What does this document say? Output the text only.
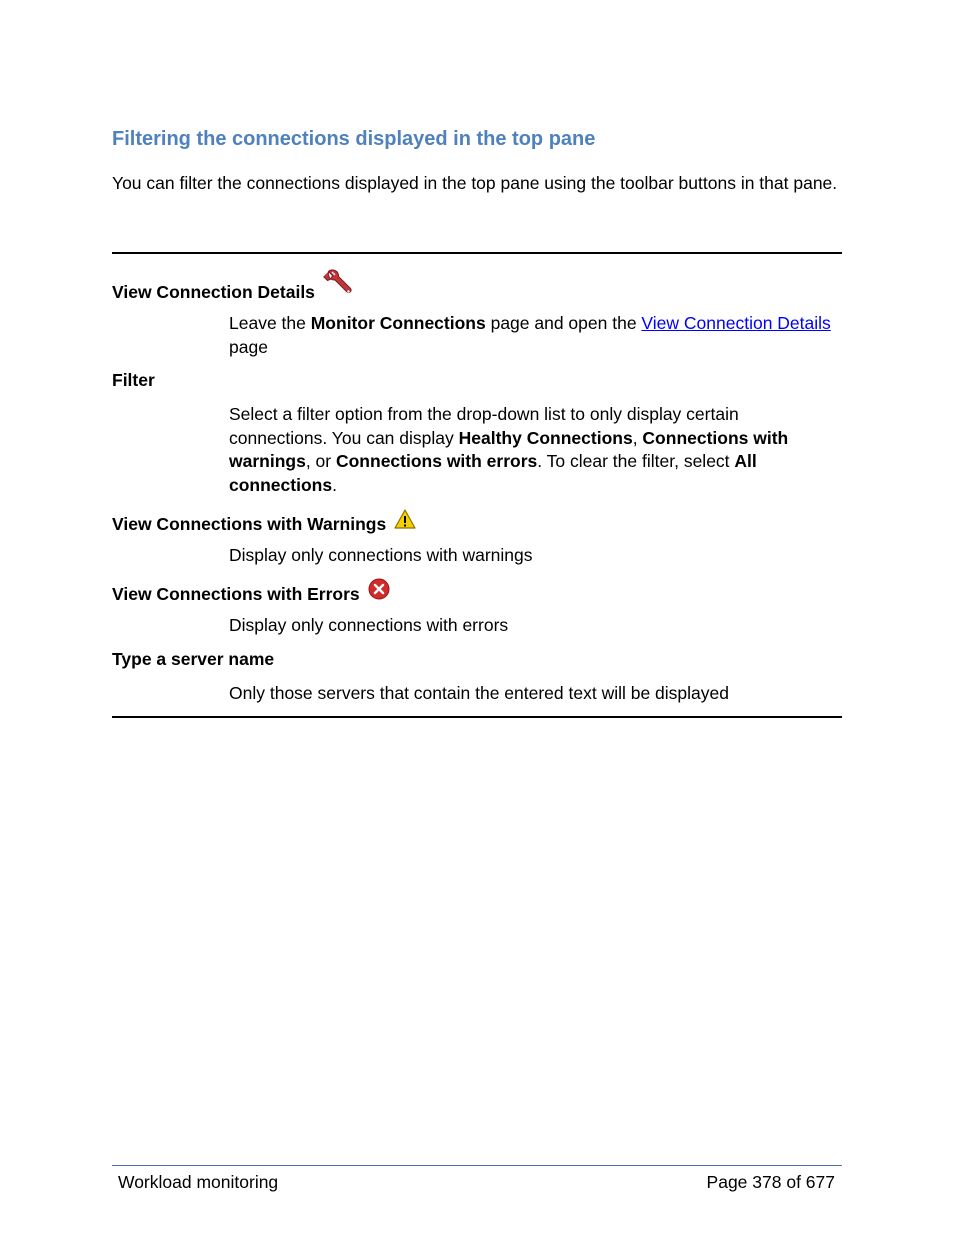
Filtering the connections displayed in the top pane

You can filter the connections displayed in the top pane using the toolbar buttons in that pane.

View Connection Details

Leave the Monitor Connections page and open the View Connection Details page

Filter

Select a filter option from the drop-down list to only display certain connections. You can display Healthy Connections, Connections with warnings, or Connections with errors. To clear the filter, select All connections.

View Connections with Warnings

Display only connections with warnings

View Connections with Errors

Display only connections with errors

Type a server name

Only those servers that contain the entered text will be displayed

Workload monitoring	Page 378 of 677
